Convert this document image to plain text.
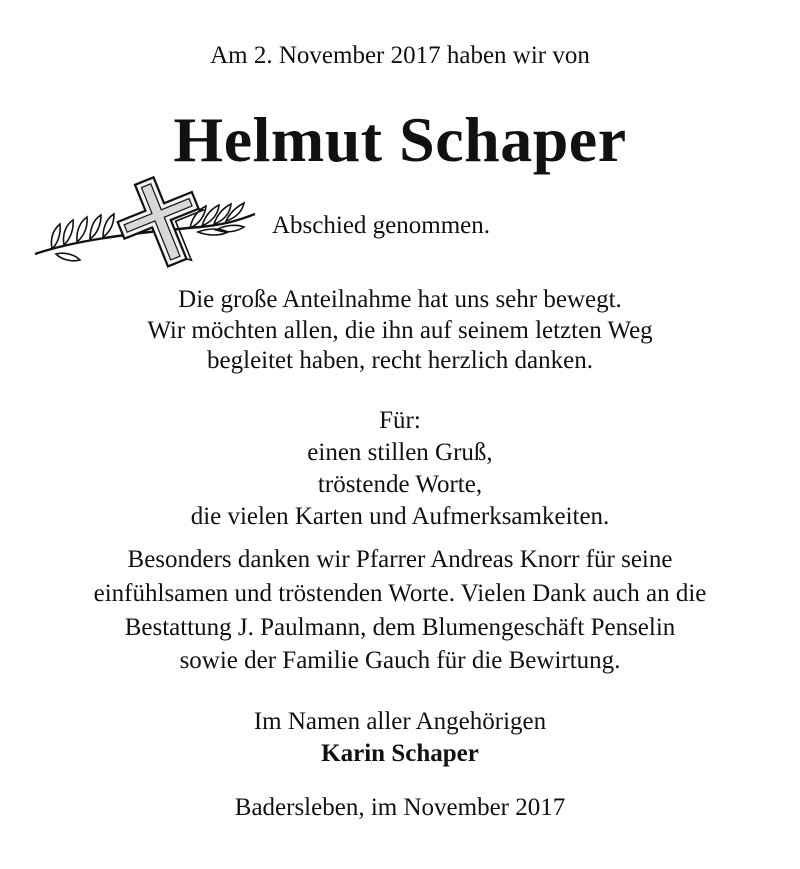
Am 2. November 2017 haben wir von
Helmut Schaper
Abschied genommen.
Die große Anteilnahme hat uns sehr bewegt.
Wir möchten allen, die ihn auf seinem letzten Weg
begleitet haben, recht herzlich danken.
Für:
einen stillen Gruß,
tröstende Worte,
die vielen Karten und Aufmerksamkeiten.
Besonders danken wir Pfarrer Andreas Knorr für seine
einfühlsamen und tröstenden Worte. Vielen Dank auch an die
Bestattung J. Paulmann, dem Blumengeschäft Penselin
sowie der Familie Gauch für die Bewirtung.
Im Namen aller Angehörigen
Karin Schaper
Badersleben, im November 2017
